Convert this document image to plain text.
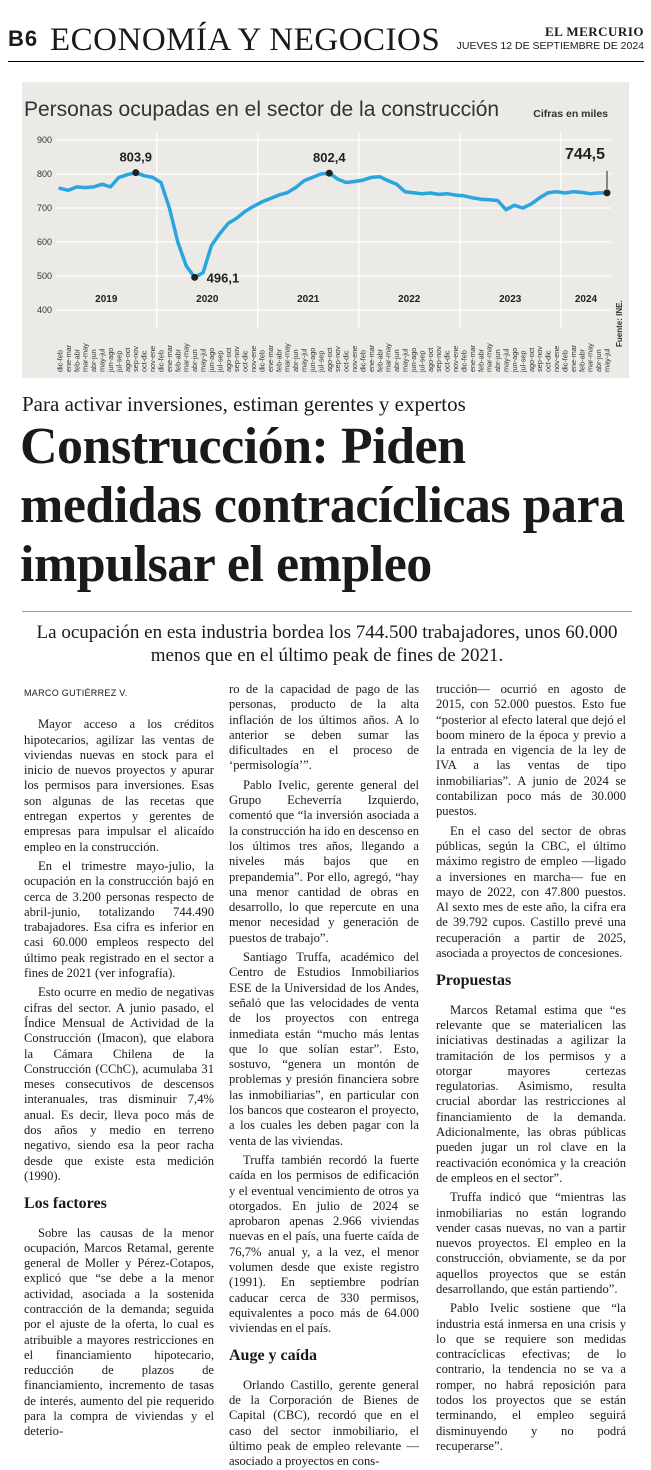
B6 ECONOMÍA Y NEGOCIOS	EL MERCURIO
JUEVES 12 DE SEPTIEMBRE DE 2024
Personas ocupadas en el sector de la construcción	Cifras en miles
400
500
600
700
800
900
2019	2020	2021	2022	2023	2024
dic-feb ene-mar feb-abr mar-may abr-jun may-jul jun-ago jul-sep ago-oct sep-nov oct-dic nov-ene dic-feb ene-mar feb-abr mar-may abr-jun may-jul jun-ago jul-sep ago-oct sep-nov oct-dic nov-ene dic-feb ene-mar feb-abr mar-may abr-jun may-jul jun-ago jul-sep ago-oct sep-nov oct-dic nov-ene dic-feb ene-mar feb-abr mar-may abr-jun may-jul jun-ago jul-sep ago-oct sep-nov oct-dic nov-ene dic-feb ene-mar feb-abr mar-may abr-jun may-jul jun-ago jul-sep ago-oct sep-nov oct-dic nov-ene dic-feb ene-mar feb-abr mar-may abr-jun may-jul
803,9
496,1
802,4	744,5
Fuente: INE.
Para activar inversiones, estiman gerentes y expertos
Construcción: Piden medidas contracíclicas para impulsar el empleo
La ocupación en esta industria bordea los 744.500 trabajadores, unos 60.000 menos que en el último peak de fines de 2021.
MARCO GUTIÉRREZ V.

Mayor acceso a los créditos hipotecarios, agilizar las ventas de viviendas nuevas en stock para el inicio de nuevos proyectos y apurar los permisos para inversiones. Esas son algunas de las recetas que entregan expertos y gerentes de empresas para impulsar el alicaído empleo en la construcción.

En el trimestre mayo-julio, la ocupación en la construcción bajó en cerca de 3.200 personas respecto de abril-junio, totalizando 744.490 trabajadores. Esa cifra es inferior en casi 60.000 empleos respecto del último peak registrado en el sector a fines de 2021 (ver infografía).

Esto ocurre en medio de negativas cifras del sector. A junio pasado, el Índice Mensual de Actividad de la Construcción (Imacon), que elabora la Cámara Chilena de la Construcción (CChC), acumulaba 31 meses consecutivos de descensos interanuales, tras disminuir 7,4% anual. Es decir, lleva poco más de dos años y medio en terreno negativo, siendo esa la peor racha desde que existe esta medición (1990).

Los factores

Sobre las causas de la menor ocupación, Marcos Retamal, gerente general de Moller y Pérez-Cotapos, explicó que “se debe a la menor actividad, asociada a la sostenida contracción de la demanda; seguida por el ajuste de la oferta, lo cual es atribuible a mayores restricciones en el financiamiento hipotecario, reducción de plazos de financiamiento, incremento de tasas de interés, aumento del pie requerido para la compra de viviendas y el deterio-

ro de la capacidad de pago de las personas, producto de la alta inflación de los últimos años. A lo anterior se deben sumar las dificultades en el proceso de ‘permisología’”.

Pablo Ivelic, gerente general del Grupo Echeverría Izquierdo, comentó que “la inversión asociada a la construcción ha ido en descenso en los últimos tres años, llegando a niveles más bajos que en prepandemia”. Por ello, agregó, “hay una menor cantidad de obras en desarrollo, lo que repercute en una menor necesidad y generación de puestos de trabajo”.

Santiago Truffa, académico del Centro de Estudios Inmobiliarios ESE de la Universidad de los Andes, señaló que las velocidades de venta de los proyectos con entrega inmediata están “mucho más lentas que lo que solían estar”. Esto, sostuvo, “genera un montón de problemas y presión financiera sobre las inmobiliarias”, en particular con los bancos que costearon el proyecto, a los cuales les deben pagar con la venta de las viviendas.

Truffa también recordó la fuerte caída en los permisos de edificación y el eventual vencimiento de otros ya otorgados. En julio de 2024 se aprobaron apenas 2.966 viviendas nuevas en el país, una fuerte caída de 76,7% anual y, a la vez, el menor volumen desde que existe registro (1991). En septiembre podrían caducar cerca de 330 permisos, equivalentes a poco más de 64.000 viviendas en el país.

Auge y caída

Orlando Castillo, gerente general de la Corporación de Bienes de Capital (CBC), recordó que en el caso del sector inmobiliario, el último peak de empleo relevante —asociado a proyectos en cons-

trucción— ocurrió en agosto de 2015, con 52.000 puestos. Esto fue “posterior al efecto lateral que dejó el boom minero de la época y previo a la entrada en vigencia de la ley de IVA a las ventas de tipo inmobiliarias”. A junio de 2024 se contabilizan poco más de 30.000 puestos.

En el caso del sector de obras públicas, según la CBC, el último máximo registro de empleo —ligado a inversiones en marcha— fue en mayo de 2022, con 47.800 puestos. Al sexto mes de este año, la cifra era de 39.792 cupos. Castillo prevé una recuperación a partir de 2025, asociada a proyectos de concesiones.

Propuestas

Marcos Retamal estima que “es relevante que se materialicen las iniciativas destinadas a agilizar la tramitación de los permisos y a otorgar mayores certezas regulatorias. Asimismo, resulta crucial abordar las restricciones al financiamiento de la demanda. Adicionalmente, las obras públicas pueden jugar un rol clave en la reactivación económica y la creación de empleos en el sector”.

Truffa indicó que “mientras las inmobiliarias no están logrando vender casas nuevas, no van a partir nuevos proyectos. El empleo en la construcción, obviamente, se da por aquellos proyectos que se están desarrollando, que están partiendo”.

Pablo Ivelic sostiene que “la industria está inmersa en una crisis y lo que se requiere son medidas contracíclicas efectivas; de lo contrario, la tendencia no se va a romper, no habrá reposición para todos los proyectos que se están terminando, el empleo seguirá disminuyendo y no podrá recuperarse”.
